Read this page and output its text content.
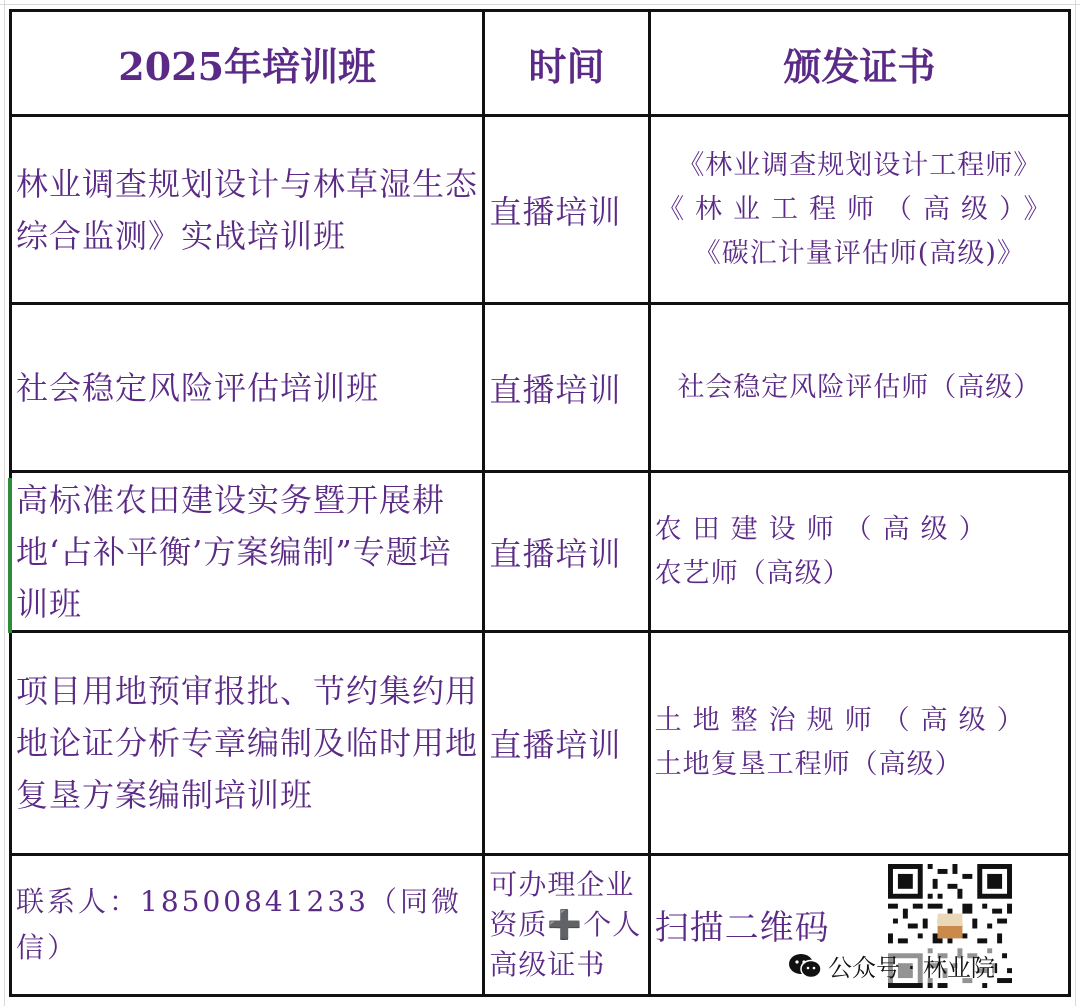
2025年培训班	时间	颁发证书
林业调查规划设计与林草湿生态综合监测》实战培训班	直播培训	《林业调查规划设计工程师》
《林业工程师（高级）》
《碳汇计量评估师(高级)》

社会稳定风险评估培训班	直播培训	社会稳定风险评估师（高级）

高标准农田建设实务暨开展耕地‘占补平衡’方案编制”专题培训班	直播培训	农田建设师（高级）
农艺师（高级）

项目用地预审报批、节约集约用地论证分析专章编制及临时用地复垦方案编制培训班	直播培训	土地整治规师（高级）
土地复垦工程师（高级）

联系人：18500841233（同微信）	可办理企业资质➕个人高级证书	扫描二维码
公众号 · 林业院
